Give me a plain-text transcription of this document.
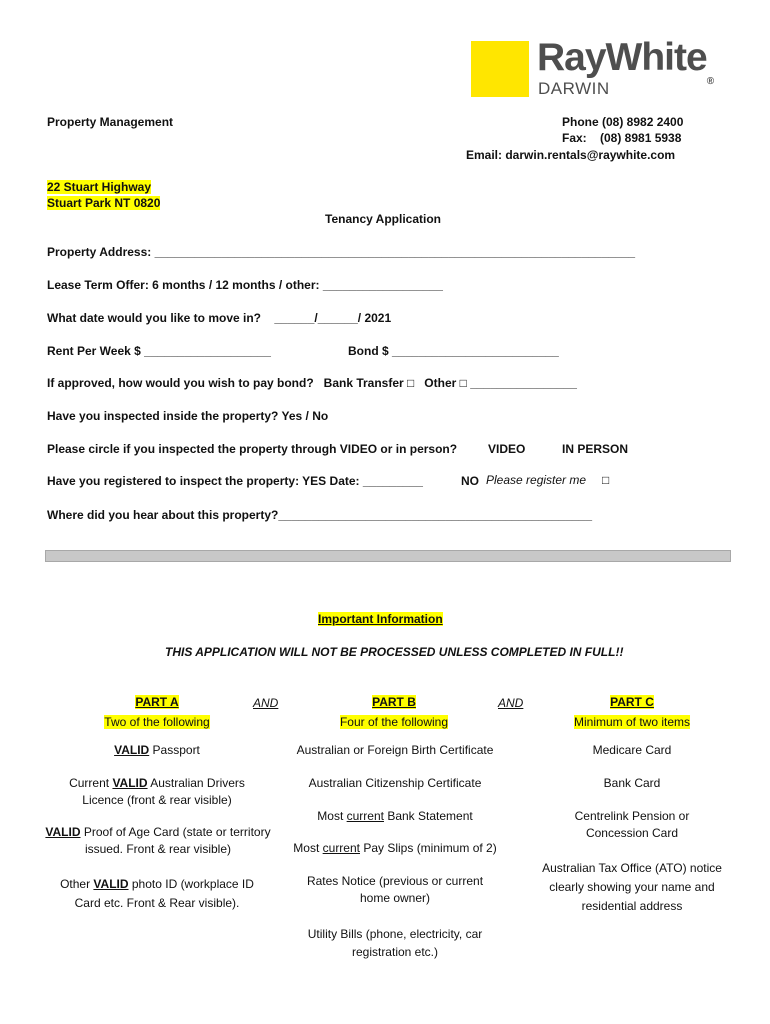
RayWhite®
DARWIN
Property Management	Phone (08) 8982 2400
Fax:    (08) 8981 5938
Email: darwin.rentals@raywhite.com
22 Stuart Highway
Stuart Park NT 0820
Tenancy Application
Property Address: ________________________________________________________________________
Lease Term Offer: 6 months / 12 months / other: __________________
What date would you like to move in?    ______/______/ 2021
Rent Per Week $ ___________________	Bond $ _________________________
If approved, how would you wish to pay bond?   Bank Transfer □   Other □ ________________
Have you inspected inside the property? Yes / No
Please circle if you inspected the property through VIDEO or in person?	VIDEO	IN PERSON
Have you registered to inspect the property: YES Date: _________	NO Please register me □
Where did you hear about this property?_______________________________________________
Important Information
THIS APPLICATION WILL NOT BE PROCESSED UNLESS COMPLETED IN FULL!!
PART A
Two of the following
AND	PART B
Four of the following
AND	PART C
Minimum of two items
VALID Passport
Current VALID Australian Drivers Licence (front & rear visible)
VALID Proof of Age Card (state or territory issued. Front & rear visible)
Other VALID photo ID (workplace ID Card etc. Front & Rear visible).
Australian or Foreign Birth Certificate
Australian Citizenship Certificate
Most current Bank Statement
Most current Pay Slips (minimum of 2)
Rates Notice (previous or current home owner)
Utility Bills (phone, electricity, car registration etc.)
Medicare Card
Bank Card
Centrelink Pension or Concession Card
Australian Tax Office (ATO) notice clearly showing your name and residential address
